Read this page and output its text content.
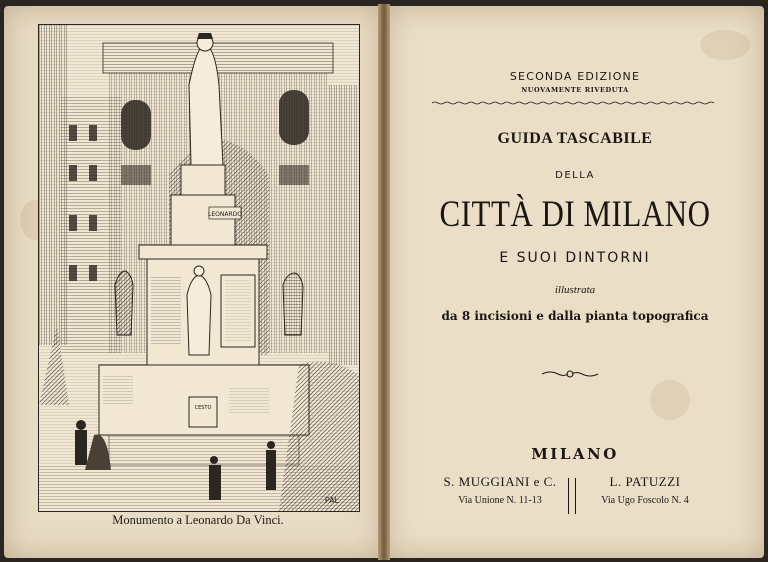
LEONARDO
CESTO
PAL
Monumento a Leonardo Da Vinci.
SECONDA EDIZIONE
NUOVAMENTE RIVEDUTA
GUIDA TASCABILE
DELLA
CITTÀ DI MILANO
E SUOI DINTORNI
illustrata
da 8 incisioni e dalla pianta topografica
MILANO
S. MUGGIANI e C.
Via Unione N. 11-13
L. PATUZZI
Via Ugo Foscolo N. 4
